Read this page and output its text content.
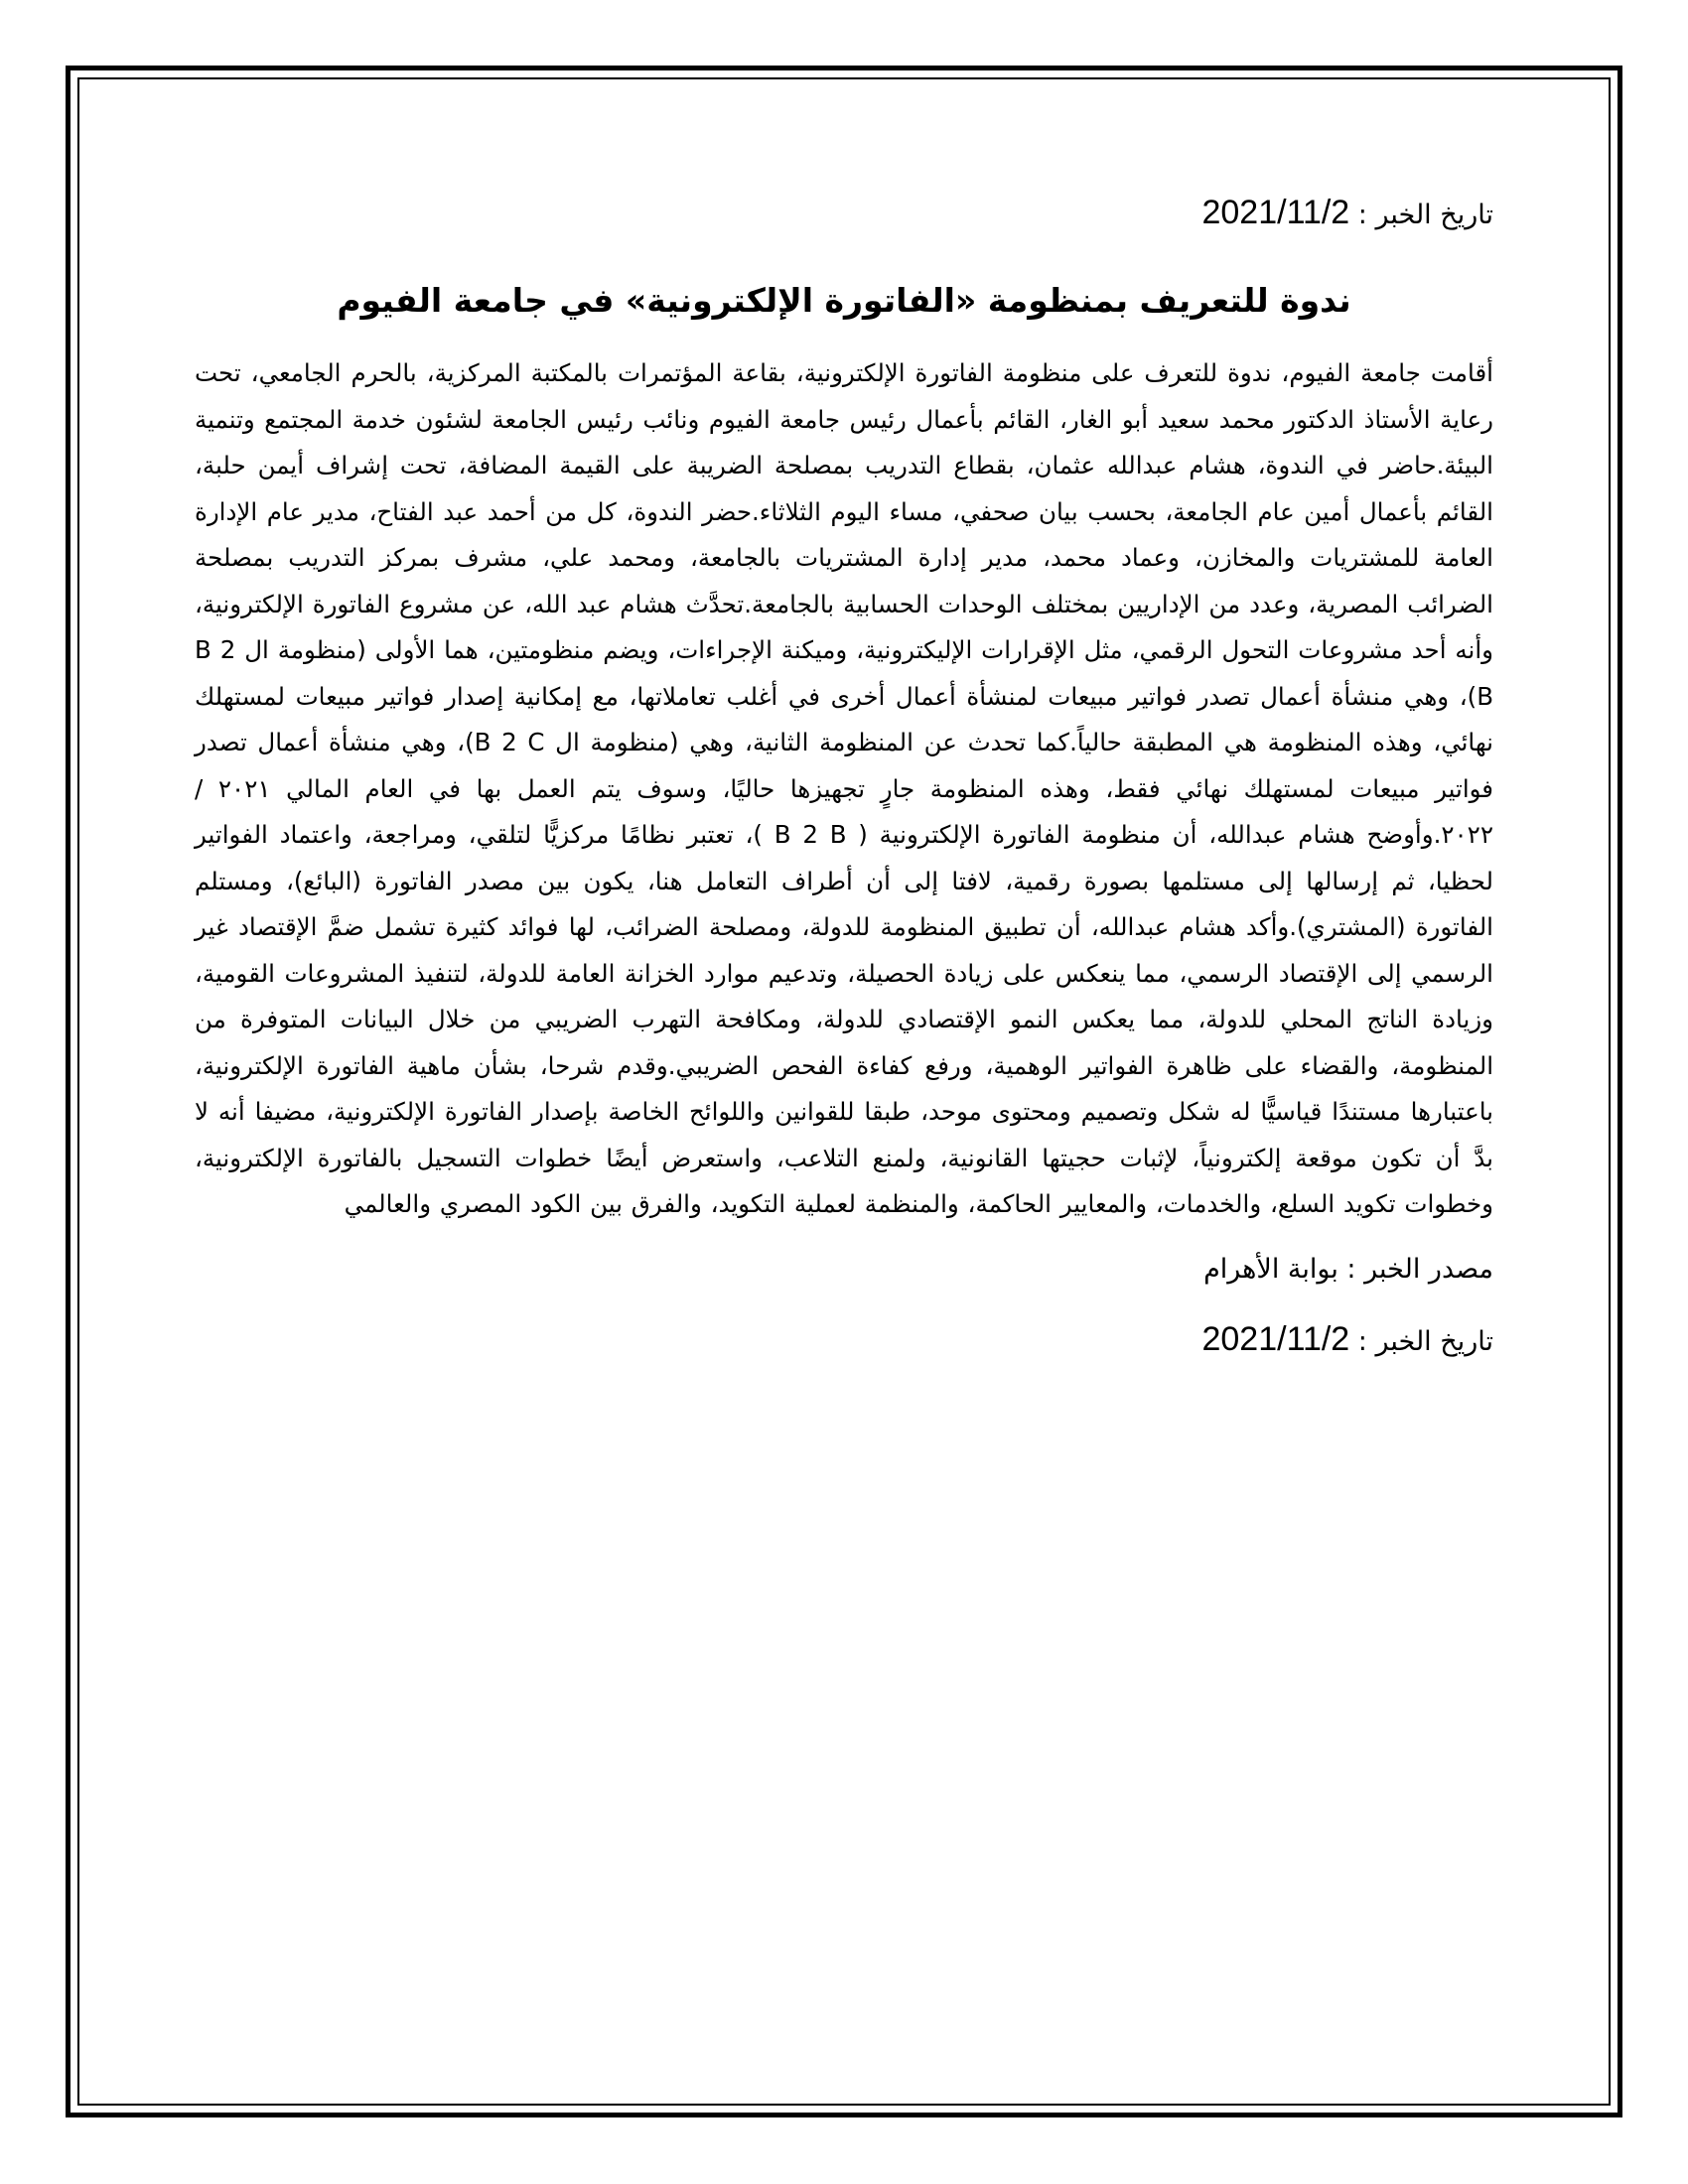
تاريخ الخبر : 2021/11/2

ندوة للتعريف بمنظومة «الفاتورة الإلكترونية» في جامعة الفيوم

أقامت جامعة الفيوم، ندوة للتعرف على منظومة الفاتورة الإلكترونية، بقاعة المؤتمرات بالمكتبة المركزية، بالحرم الجامعي، تحت رعاية الأستاذ الدكتور محمد سعيد أبو الغار، القائم بأعمال رئيس جامعة الفيوم ونائب رئيس الجامعة لشئون خدمة المجتمع وتنمية البيئة.حاضر في الندوة، هشام عبدالله عثمان، بقطاع التدريب بمصلحة الضريبة على القيمة المضافة، تحت إشراف أيمن حلبة، القائم بأعمال أمين عام الجامعة، بحسب بيان صحفي، مساء اليوم الثلاثاء.حضر الندوة، كل من أحمد عبد الفتاح، مدير عام الإدارة العامة للمشتريات والمخازن، وعماد محمد، مدير إدارة المشتريات بالجامعة، ومحمد علي، مشرف بمركز التدريب بمصلحة الضرائب المصرية، وعدد من الإداريين بمختلف الوحدات الحسابية بالجامعة.تحدَّث هشام عبد الله، عن مشروع الفاتورة الإلكترونية، وأنه أحد مشروعات التحول الرقمي، مثل الإقرارات الإليكترونية، وميكنة الإجراءات، ويضم منظومتين، هما الأولى (منظومة ال B 2 B)، وهي منشأة أعمال تصدر فواتير مبيعات لمنشأة أعمال أخرى في أغلب تعاملاتها، مع إمكانية إصدار فواتير مبيعات لمستهلك نهائي، وهذه المنظومة هي المطبقة حالياً.كما تحدث عن المنظومة الثانية، وهي (منظومة ال B 2 C)، وهي منشأة أعمال تصدر فواتير مبيعات لمستهلك نهائي فقط، وهذه المنظومة جارٍ تجهيزها حاليًا، وسوف يتم العمل بها في العام المالي ٢٠٢١ / ٢٠٢٢.وأوضح هشام عبدالله، أن منظومة الفاتورة الإلكترونية ( B 2 B )، تعتبر نظامًا مركزيًّا لتلقي، ومراجعة، واعتماد الفواتير لحظيا، ثم إرسالها إلى مستلمها بصورة رقمية، لافتا إلى أن أطراف التعامل هنا، يكون بين مصدر الفاتورة (البائع)، ومستلم الفاتورة (المشتري).وأكد هشام عبدالله، أن تطبيق المنظومة للدولة، ومصلحة الضرائب، لها فوائد كثيرة تشمل ضمَّ الإقتصاد غير الرسمي إلى الإقتصاد الرسمي، مما ينعكس على زيادة الحصيلة، وتدعيم موارد الخزانة العامة للدولة، لتنفيذ المشروعات القومية، وزيادة الناتج المحلي للدولة، مما يعكس النمو الإقتصادي للدولة، ومكافحة التهرب الضريبي من خلال البيانات المتوفرة من المنظومة، والقضاء على ظاهرة الفواتير الوهمية، ورفع كفاءة الفحص الضريبي.وقدم شرحا، بشأن ماهية الفاتورة الإلكترونية، باعتبارها مستندًا قياسيًّا له شكل وتصميم ومحتوى موحد، طبقا للقوانين واللوائح الخاصة بإصدار الفاتورة الإلكترونية، مضيفا أنه لا بدَّ أن تكون موقعة إلكترونياً، لإثبات حجيتها القانونية، ولمنع التلاعب، واستعرض أيضًا خطوات التسجيل بالفاتورة الإلكترونية، وخطوات تكويد السلع، والخدمات، والمعايير الحاكمة، والمنظمة لعملية التكويد، والفرق بين الكود المصري والعالمي

مصدر الخبر : بوابة الأهرام

تاريخ الخبر : 2021/11/2
